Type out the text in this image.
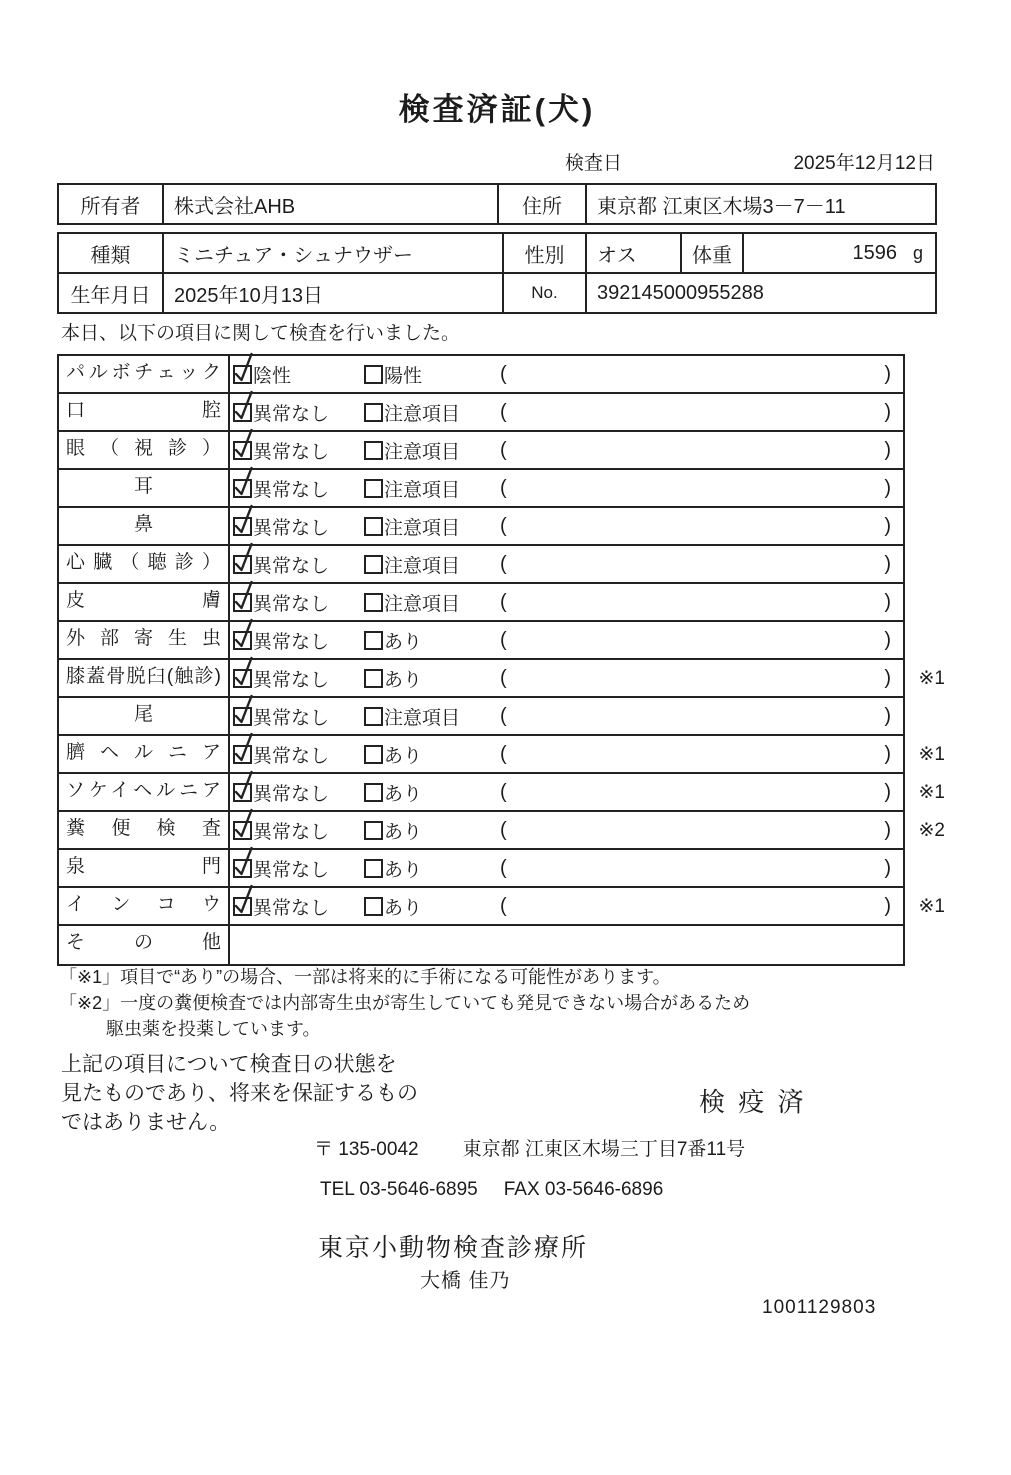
検査済証(犬)
検査日	2025年12月12日
所有者	株式会社AHB	住所	東京都 江東区木場3－7－11
種類	ミニチュア・シュナウザー	性別	オス	体重	1596 g
生年月日	2025年10月13日	No.	392145000955288
本日、以下の項目に関して検査を行いました。
パルボチェック	陰性	陽性	(	)
口腔	異常なし	注意項目 (	)
眼（視診）	異常なし	注意項目 (	)
耳	異常なし	注意項目 (	)
鼻	異常なし	注意項目 (	)
心臓（聴診）	異常なし	注意項目 (	)
皮膚	異常なし	注意項目 (	)
外部寄生虫	異常なし	あり	(	)
膝蓋骨脱臼(触診)	異常なし	あり	(	) ※1
尾	異常なし	注意項目 (	)
臍ヘルニア	異常なし	あり	(	) ※1
ソケイヘルニア	異常なし	あり	(	) ※1
糞便検査	異常なし	あり	(	) ※2
泉門	異常なし	あり	(	)
インコウ	異常なし	あり	(	) ※1
その他
「※1」項目で“あり”の場合、一部は将来的に手術になる可能性があります。
「※2」一度の糞便検査では内部寄生虫が寄生していても発見できない場合があるため
駆虫薬を投薬しています。
上記の項目について検査日の状態を
見たものであり、将来を保証するもの
ではありません。
検 疫 済
〒 135-0042 東京都 江東区木場三丁目7番11号
TEL 03-5646-6895 FAX 03-5646-6896
東京小動物検査診療所
大橋 佳乃
1001129803
